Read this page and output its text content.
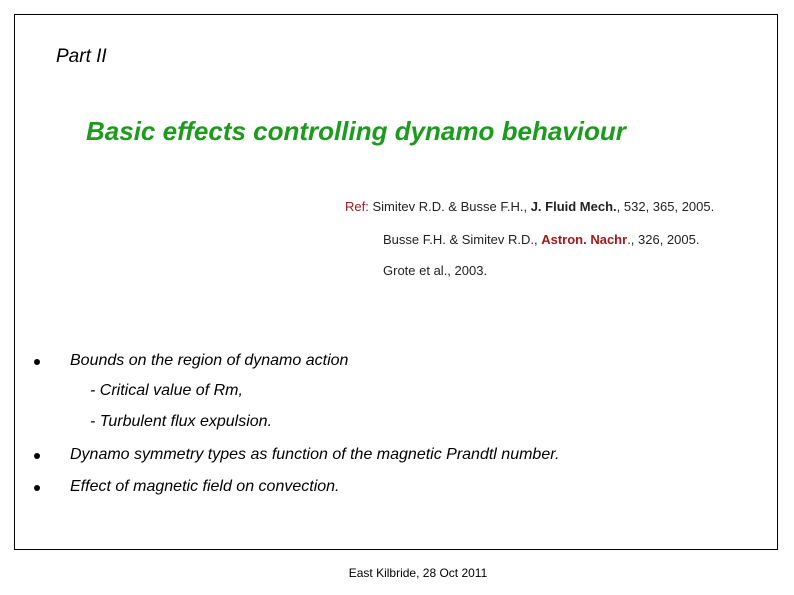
Part II
Basic effects controlling dynamo behaviour
Ref: Simitev R.D. & Busse F.H., J. Fluid Mech., 532, 365, 2005.
Busse F.H. & Simitev R.D., Astron. Nachr., 326, 2005.
Grote et al., 2003.
Bounds on the region of dynamo action
- Critical value of Rm,
- Turbulent flux expulsion.
Dynamo symmetry types as function of the magnetic Prandtl number.
Effect of magnetic field on convection.
East Kilbride, 28 Oct 2011
